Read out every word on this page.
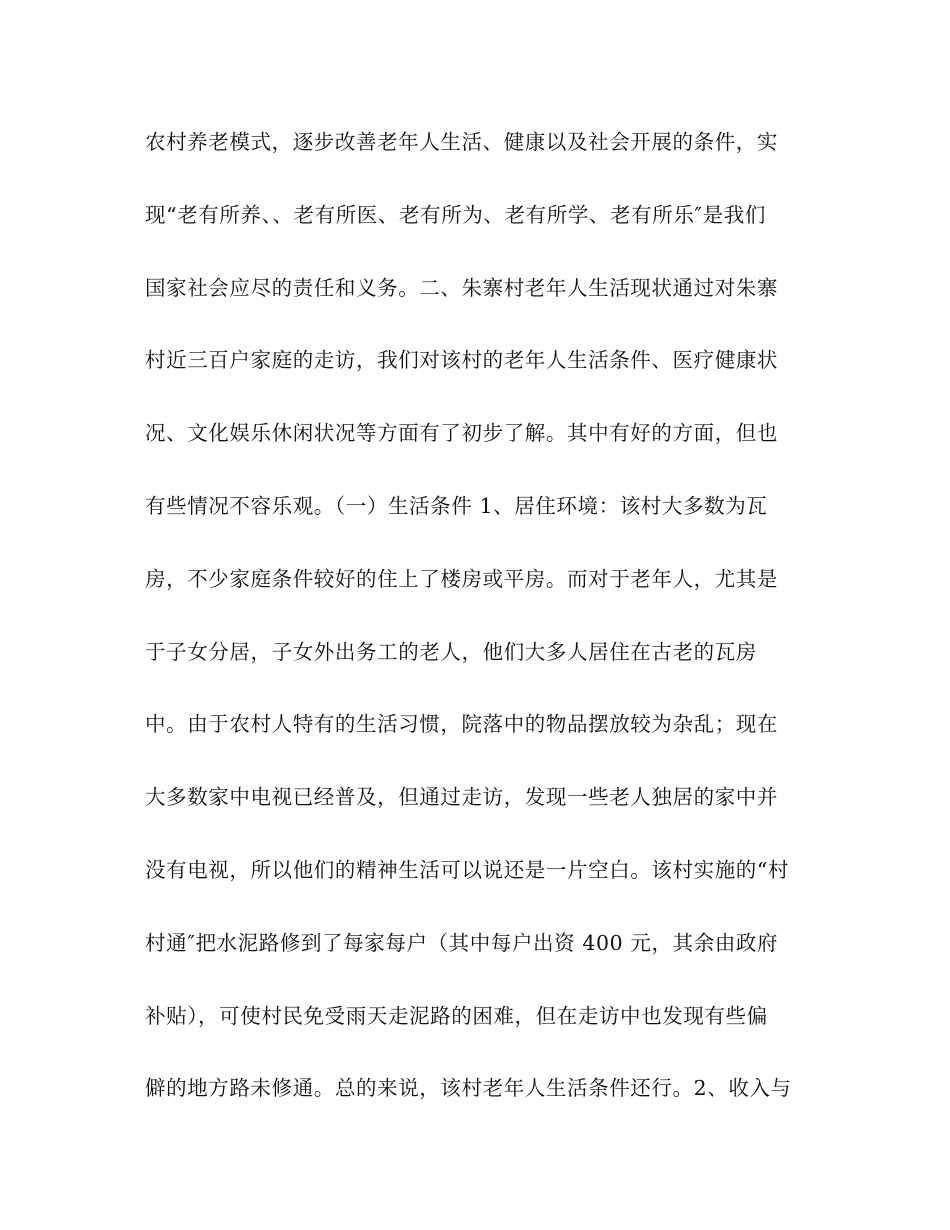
农村养老模式，逐步改善老年人生活、健康以及社会开展的条件，实
现“老有所养、、老有所医、老有所为、老有所学、老有所乐″是我们
国家社会应尽的责任和义务。二、朱寨村老年人生活现状通过对朱寨
村近三百户家庭的走访，我们对该村的老年人生活条件、医疗健康状
况、文化娱乐休闲状况等方面有了初步了解。其中有好的方面，但也
有些情况不容乐观。（一）生活条件 1、居住环境：该村大多数为瓦
房，不少家庭条件较好的住上了楼房或平房。而对于老年人，尤其是
于子女分居，子女外出务工的老人，他们大多人居住在古老的瓦房
中。由于农村人特有的生活习惯，院落中的物品摆放较为杂乱；现在
大多数家中电视已经普及，但通过走访，发现一些老人独居的家中并
没有电视，所以他们的精神生活可以说还是一片空白。该村实施的“村
村通″把水泥路修到了每家每户（其中每户出资 400 元，其余由政府
补贴），可使村民免受雨天走泥路的困难，但在走访中也发现有些偏
僻的地方路未修通。总的来说，该村老年人生活条件还行。2、收入与
